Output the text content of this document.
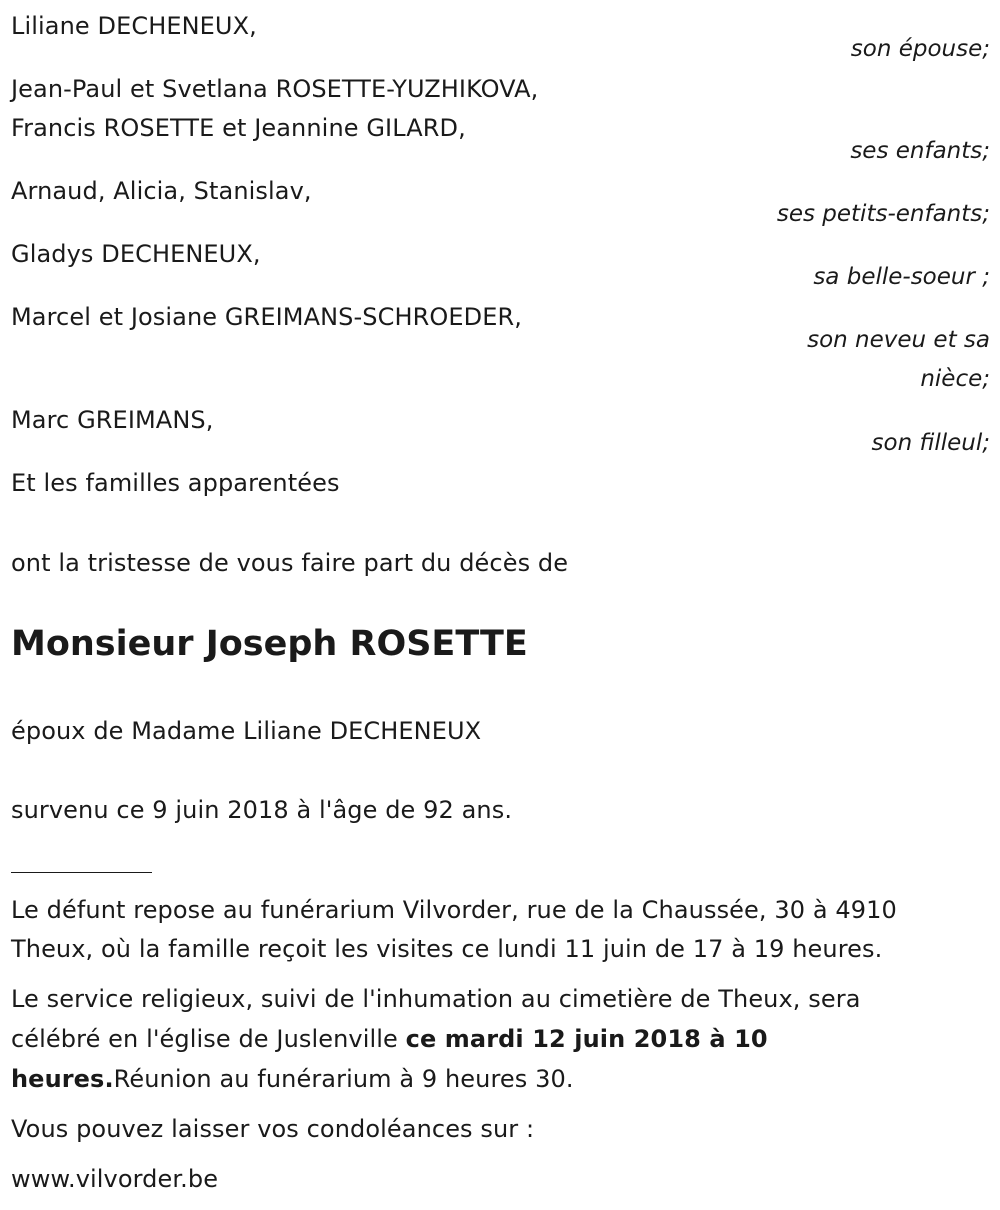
Liliane DECHENEUX,
son épouse;
Jean-Paul et Svetlana ROSETTE-YUZHIKOVA,
Francis ROSETTE et Jeannine GILARD,
ses enfants;
Arnaud, Alicia, Stanislav,
ses petits-enfants;
Gladys DECHENEUX,
sa belle-soeur ;
Marcel et Josiane GREIMANS-SCHROEDER,
son neveu et sa
nièce;
Marc GREIMANS,
son filleul;
Et les familles apparentées
ont la tristesse de vous faire part du décès de
Monsieur Joseph ROSETTE
époux de Madame Liliane DECHENEUX
survenu ce 9 juin 2018 à l'âge de 92 ans.
Le défunt repose au funérarium Vilvorder, rue de la Chaussée, 30 à 4910
Theux, où la famille reçoit les visites ce lundi 11 juin de 17 à 19 heures.
Le service religieux, suivi de l'inhumation au cimetière de Theux, sera
célébré en l'église de Juslenville ce mardi 12 juin 2018 à 10
heures.Réunion au funérarium à 9 heures 30.
Vous pouvez laisser vos condoléances sur :
www.vilvorder.be
